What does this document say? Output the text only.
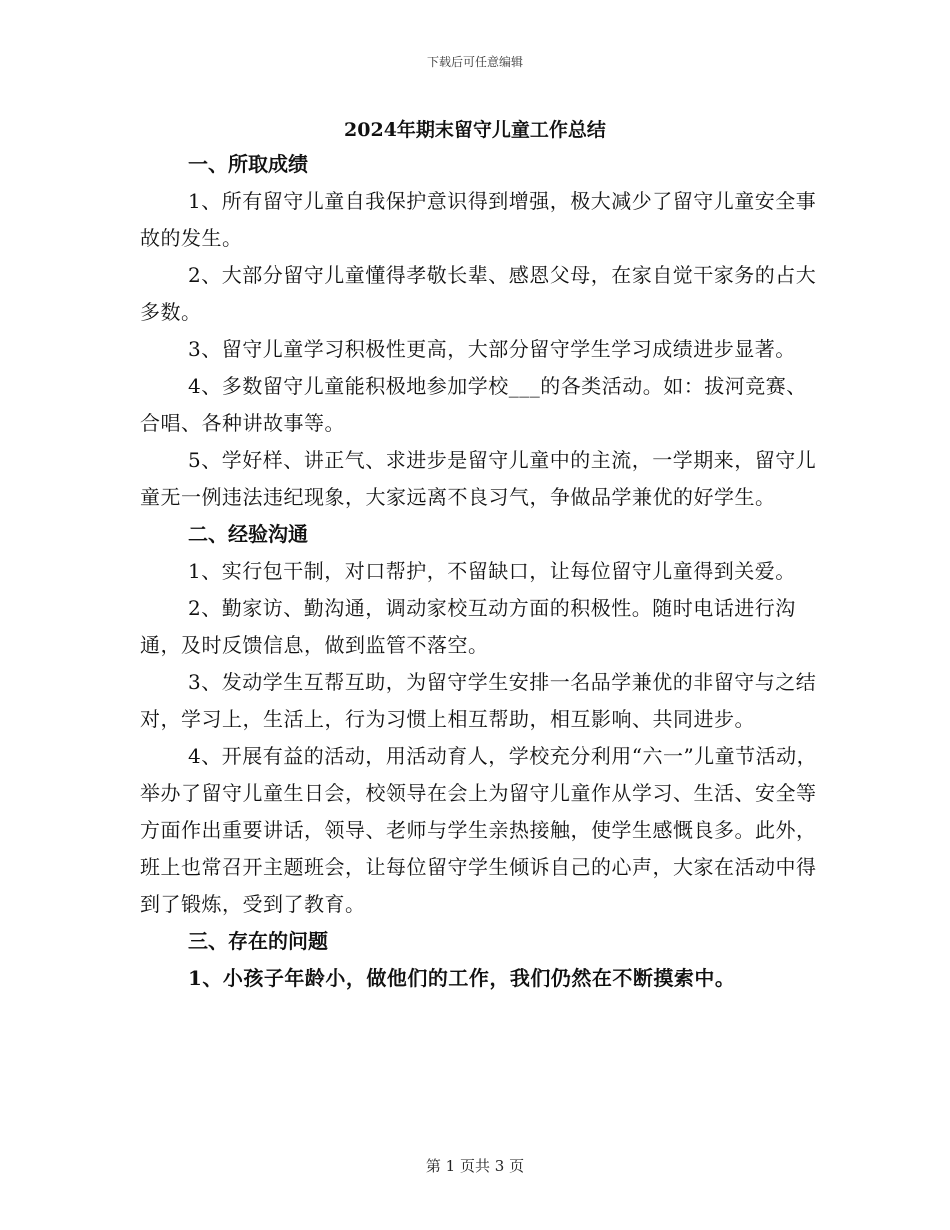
下载后可任意编辑
2024年期末留守儿童工作总结
一、所取成绩

1、所有留守儿童自我保护意识得到增强，极大减少了留守儿童安全事故的发生。

2、大部分留守儿童懂得孝敬长辈、感恩父母，在家自觉干家务的占大多数。

3、留守儿童学习积极性更高，大部分留守学生学习成绩进步显著。

4、多数留守儿童能积极地参加学校___的各类活动。如：拔河竞赛、合唱、各种讲故事等。

5、学好样、讲正气、求进步是留守儿童中的主流，一学期来，留守儿童无一例违法违纪现象，大家远离不良习气，争做品学兼优的好学生。

二、经验沟通

1、实行包干制，对口帮护，不留缺口，让每位留守儿童得到关爱。

2、勤家访、勤沟通，调动家校互动方面的积极性。随时电话进行沟通，及时反馈信息，做到监管不落空。

3、发动学生互帮互助，为留守学生安排一名品学兼优的非留守与之结对，学习上，生活上，行为习惯上相互帮助，相互影响、共同进步。

4、开展有益的活动，用活动育人，学校充分利用“六一”儿童节活动，举办了留守儿童生日会，校领导在会上为留守儿童作从学习、生活、安全等方面作出重要讲话，领导、老师与学生亲热接触，使学生感慨良多。此外，班上也常召开主题班会，让每位留守学生倾诉自己的心声，大家在活动中得到了锻炼，受到了教育。

三、存在的问题

1、小孩子年龄小，做他们的工作，我们仍然在不断摸索中。

第 1 页共 3 页
